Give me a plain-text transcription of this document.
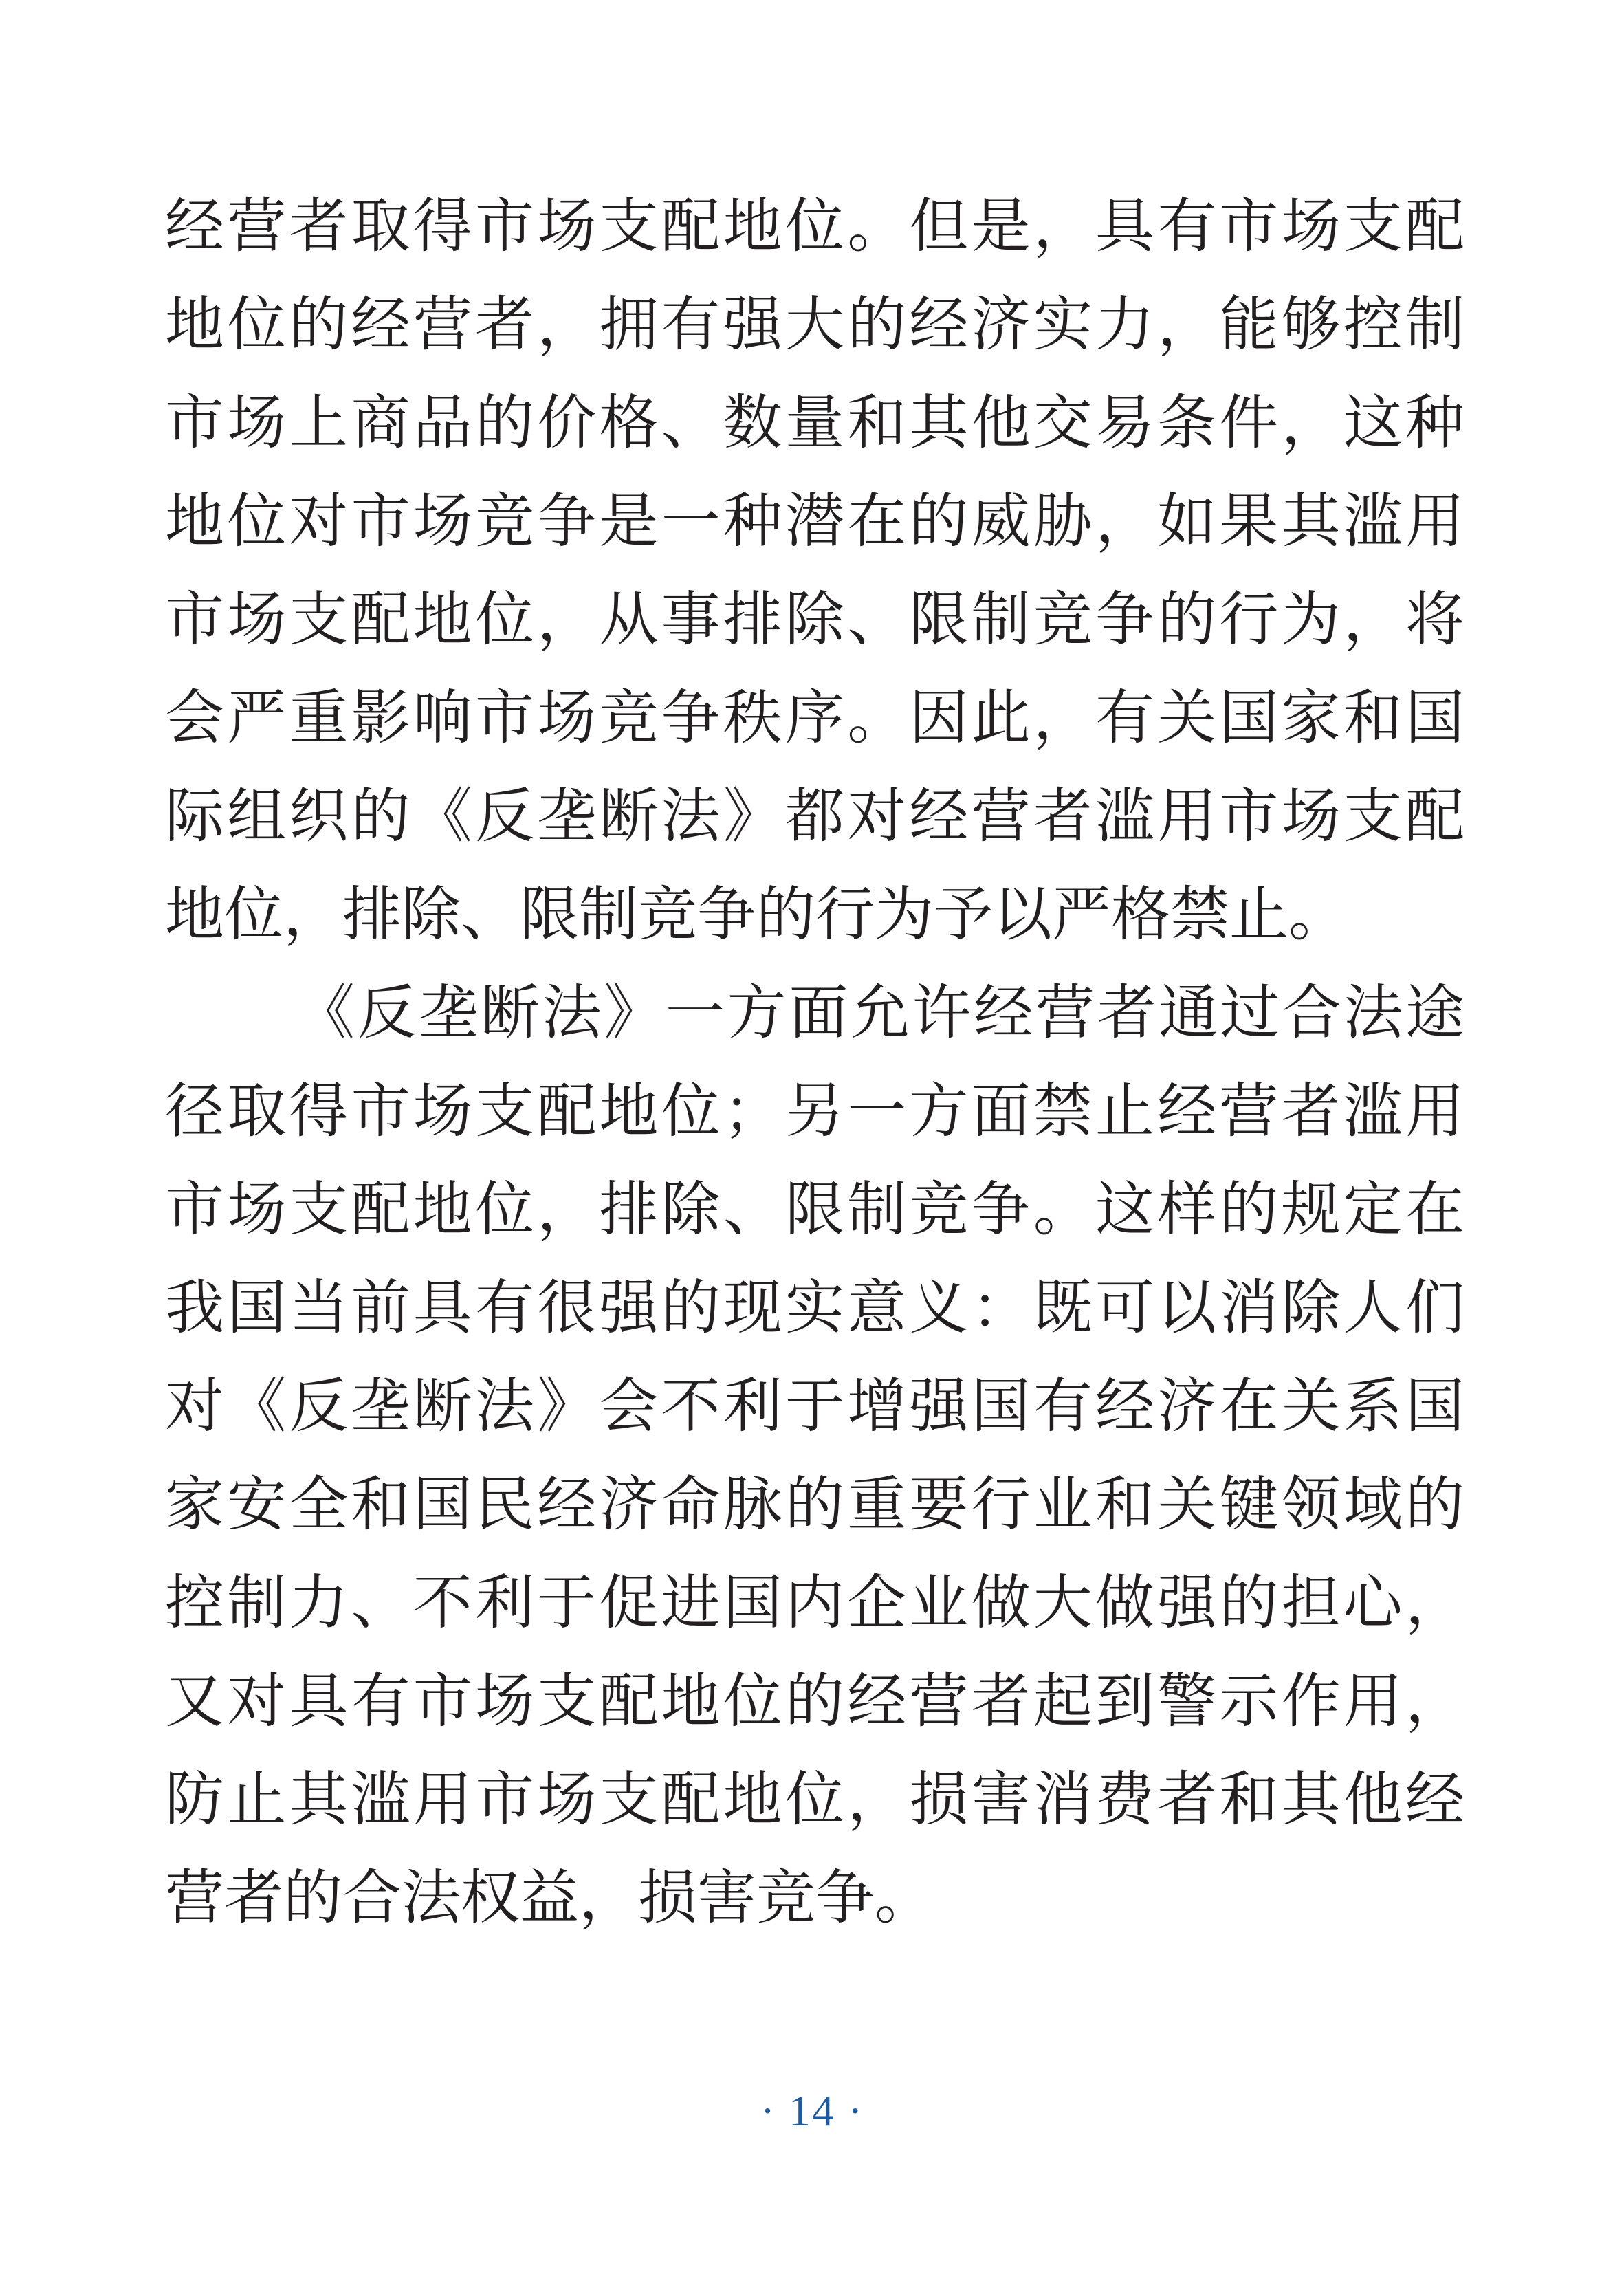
经营者取得市场支配地位。但是，具有市场支配
地位的经营者，拥有强大的经济实力，能够控制
市场上商品的价格、数量和其他交易条件，这种
地位对市场竞争是一种潜在的威胁，如果其滥用
市场支配地位，从事排除、限制竞争的行为，将
会严重影响市场竞争秩序。因此，有关国家和国
际组织的《反垄断法》都对经营者滥用市场支配
地位，排除、限制竞争的行为予以严格禁止。
《反垄断法》一方面允许经营者通过合法途
径取得市场支配地位；另一方面禁止经营者滥用
市场支配地位，排除、限制竞争。这样的规定在
我国当前具有很强的现实意义：既可以消除人们
对《反垄断法》会不利于增强国有经济在关系国
家安全和国民经济命脉的重要行业和关键领域的
控制力、不利于促进国内企业做大做强的担心，
又对具有市场支配地位的经营者起到警示作用，
防止其滥用市场支配地位，损害消费者和其他经
营者的合法权益，损害竞争。
· 14 ·
